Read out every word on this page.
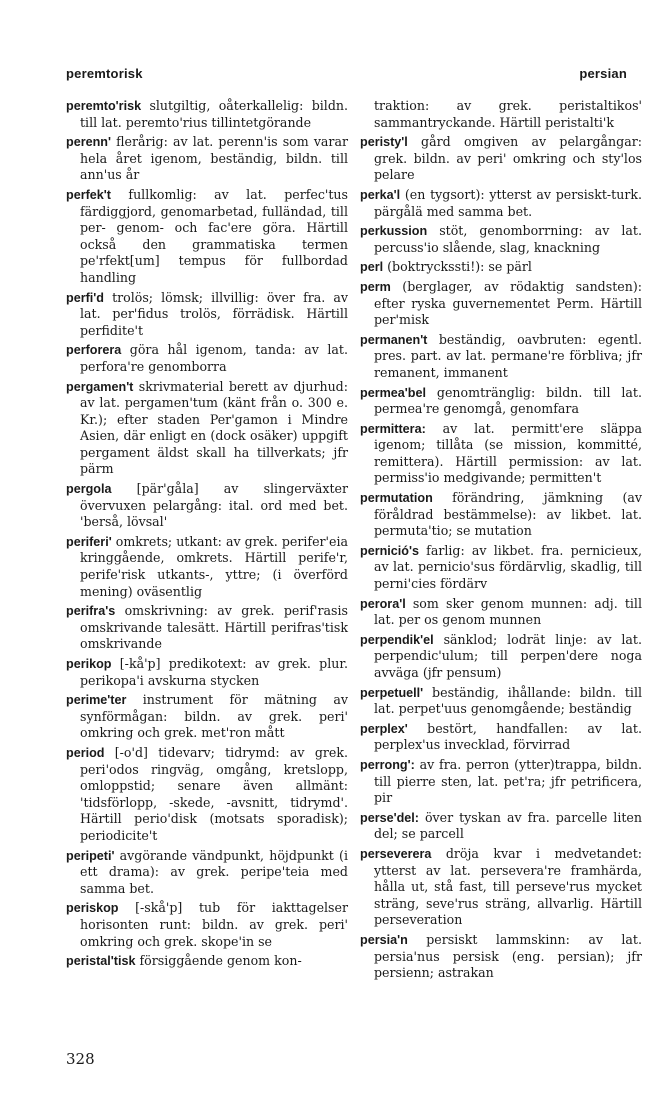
peremtorisk	persian

peremto'risk slutgiltig, oåterkallelig: bildn. till lat. peremto'rius tillintetgörande

perenn' flerårig: av lat. perenn'is som varar hela året igenom, beständig, bildn. till ann'us år

perfek't fullkomlig: av lat. perfec'tus färdiggjord, genomarbetad, fulländad, till per- genom- och fac'ere göra. Härtill också den grammatiska termen pe'rfekt[um] tempus för fullbordad handling

perfi'd trolös; lömsk; illvillig: över fra. av lat. per'fidus trolös, förrädisk. Härtill perfidite't

perforera göra hål igenom, tanda: av lat. perfora're genomborra

pergamen't skrivmaterial berett av djurhud: av lat. pergamen'tum (känt från o. 300 e. Kr.); efter staden Per'gamon i Mindre Asien, där enligt en (dock osäker) uppgift pergament äldst skall ha tillverkats; jfr pärm

pergola [pär'gåla] av slingerväxter övervuxen pelargång: ital. ord med bet. 'berså, lövsal'

periferi' omkrets; utkant: av grek. perifer'eia kringgående, omkrets. Härtill perife'r, perife'risk utkants-, yttre; (i överförd mening) oväsentlig

perifra's omskrivning: av grek. perif'rasis omskrivande talesätt. Härtill perifras'tisk omskrivande

perikop [-kå'p] predikotext: av grek. plur. perikopa'i avskurna stycken

perime'ter instrument för mätning av synförmågan: bildn. av grek. peri' omkring och grek. met'ron mått

period [-o'd] tidevarv; tidrymd: av grek. peri'odos ringväg, omgång, kretslopp, omloppstid; senare även allmänt: 'tidsförlopp, -skede, -avsnitt, tidrymd'. Härtill perio'disk (motsats sporadisk); periodicite't

peripeti' avgörande vändpunkt, höjdpunkt (i ett drama): av grek. peripe'teia med samma bet.

periskop [-skå'p] tub för iakttagelser horisonten runt: bildn. av grek. peri' omkring och grek. skope'in se

peristal'tisk försiggående genom kon-

traktion: av grek. peristaltikos' sammantryckande. Härtill peristalti'k

peristy'l gård omgiven av pelargångar: grek. bildn. av peri' omkring och sty'los pelare

perka'l (en tygsort): ytterst av persiskt-turk. pärgålä med samma bet.

perkussion stöt, genomborrning: av lat. percuss'io slående, slag, knackning

perl (boktryckssti!): se pärl

perm (berglager, av rödaktig sandsten): efter ryska guvernementet Perm. Härtill per'misk

permanen't beständig, oavbruten: egentl. pres. part. av lat. permane're förbliva; jfr remanent, immanent

permea'bel genomtränglig: bildn. till lat. permea're genomgå, genomfara

permittera: av lat. permitt'ere släppa igenom; tillåta (se mission, kommitté, remittera). Härtill permission: av lat. permiss'io medgivande; permitten't

permutation förändring, jämkning (av föråldrad bestämmelse): av likbet. lat. permuta'tio; se mutation

pernició's farlig: av likbet. fra. pernicieux, av lat. pernicio'sus fördärvlig, skadlig, till perni'cies fördärv

perora'l som sker genom munnen: adj. till lat. per os genom munnen

perpendik'el sänklod; lodrät linje: av lat. perpendic'ulum; till perpen'dere noga avväga (jfr pensum)

perpetuell' beständig, ihållande: bildn. till lat. perpet'uus genomgående; beständig

perplex' bestört, handfallen: av lat. perplex'us invecklad, förvirrad

perrong': av fra. perron (ytter)trappa, bildn. till pierre sten, lat. pet'ra; jfr petrificera, pir

perse'del: över tyskan av fra. parcelle liten del; se parcell

perseverera dröja kvar i medvetandet: ytterst av lat. persevera're framhärda, hålla ut, stå fast, till perseve'rus mycket sträng, seve'rus sträng, allvarlig. Härtill perseveration

persia'n persiskt lammskinn: av lat. persia'nus persisk (eng. persian); jfr persienn; astrakan

328
